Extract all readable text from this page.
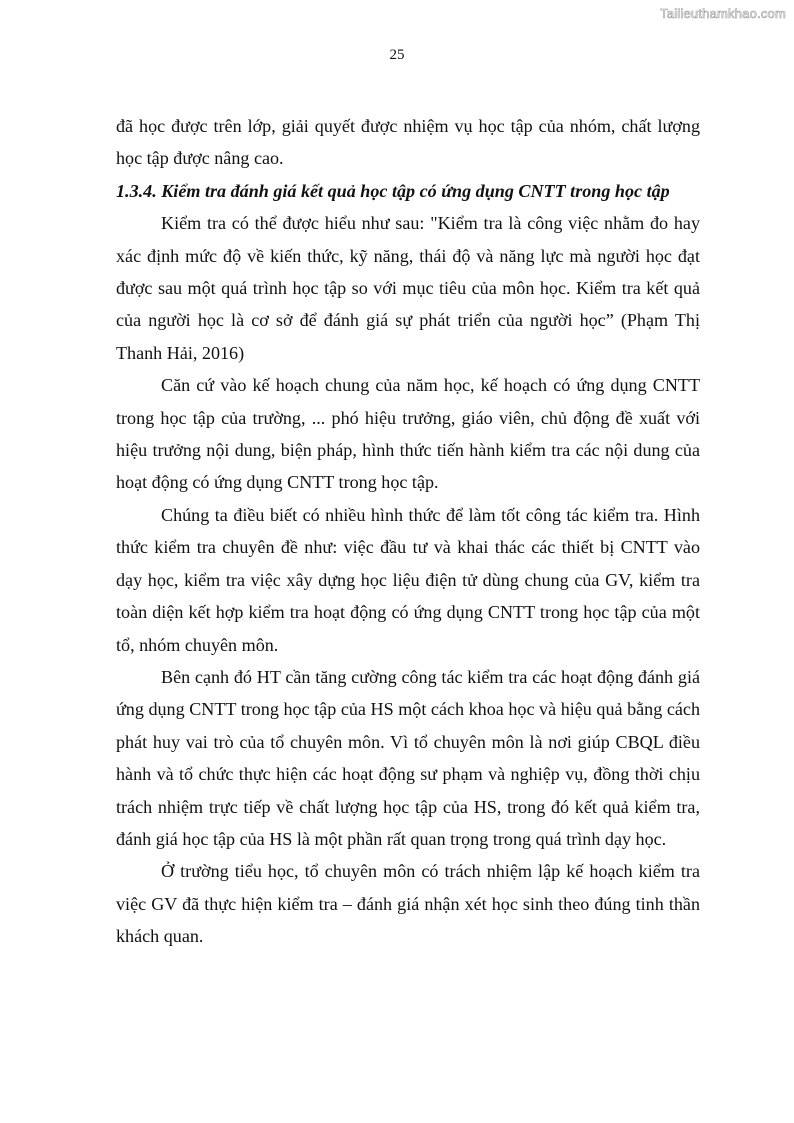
Tailieuthamkhao.com
25

đã học được trên lớp, giải quyết được nhiệm vụ học tập của nhóm, chất lượng học tập được nâng cao.

1.3.4. Kiểm tra đánh giá kết quả học tập có ứng dụng CNTT trong học tập

Kiểm tra có thể được hiểu như sau: "Kiểm tra là công việc nhằm đo hay xác định mức độ về kiến thức, kỹ năng, thái độ và năng lực mà người học đạt được sau một quá trình học tập so với mục tiêu của môn học. Kiểm tra kết quả của người học là cơ sở để đánh giá sự phát triển của người học” (Phạm Thị Thanh Hải, 2016)

Căn cứ vào kế hoạch chung của năm học, kế hoạch có ứng dụng CNTT trong học tập của trường, ... phó hiệu trưởng, giáo viên, chủ động đề xuất với hiệu trưởng nội dung, biện pháp, hình thức tiến hành kiểm tra các nội dung của hoạt động có ứng dụng CNTT trong học tập.

Chúng ta điều biết có nhiều hình thức để làm tốt công tác kiểm tra. Hình thức kiểm tra chuyên đề như: việc đầu tư và khai thác các thiết bị CNTT vào dạy học, kiểm tra việc xây dựng học liệu điện tử dùng chung của GV, kiểm tra toàn diện kết hợp kiểm tra hoạt động có ứng dụng CNTT trong học tập của một tổ, nhóm chuyên môn.

Bên cạnh đó HT cần tăng cường công tác kiểm tra các hoạt động đánh giá ứng dụng CNTT trong học tập của HS một cách khoa học và hiệu quả bằng cách phát huy vai trò của tổ chuyên môn. Vì tổ chuyên môn là nơi giúp CBQL điều hành và tổ chức thực hiện các hoạt động sư phạm và nghiệp vụ, đồng thời chịu trách nhiệm trực tiếp về chất lượng học tập của HS, trong đó kết quả kiểm tra, đánh giá học tập của HS là một phần rất quan trọng trong quá trình dạy học.

Ở trường tiểu học, tổ chuyên môn có trách nhiệm lập kế hoạch kiểm tra việc GV đã thực hiện kiểm tra – đánh giá nhận xét học sinh theo đúng tinh thần khách quan.
